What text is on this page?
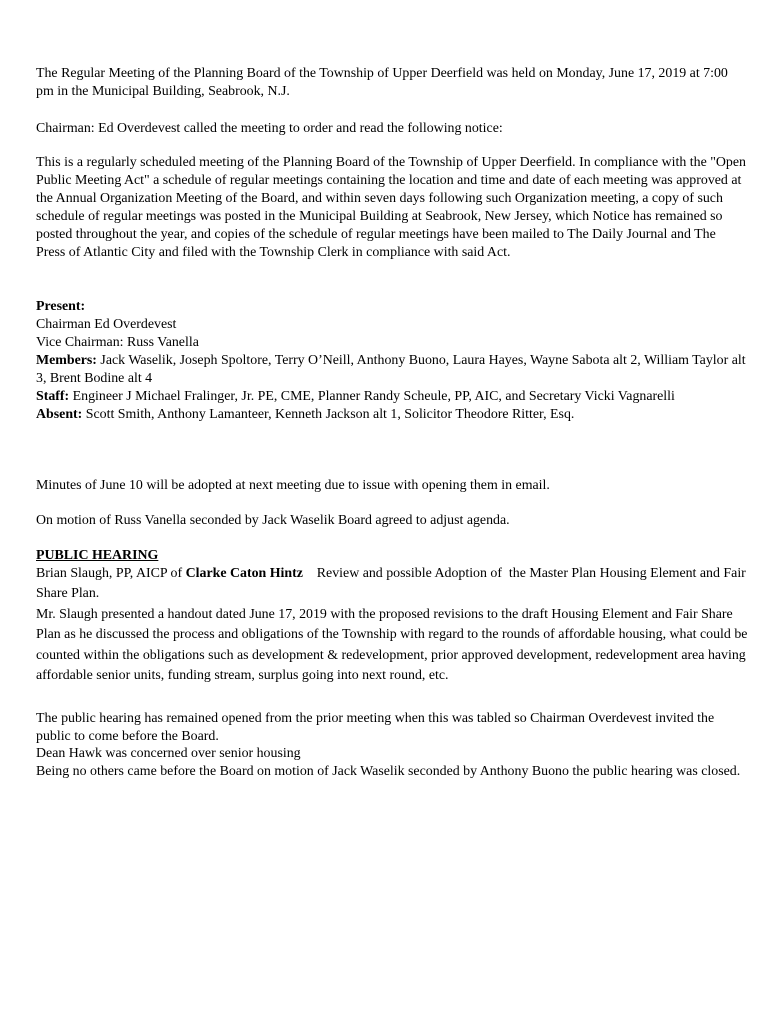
The Regular Meeting of the Planning Board of the Township of Upper Deerfield was held on Monday, June 17, 2019 at 7:00 pm in the Municipal Building, Seabrook, N.J.

Chairman: Ed Overdevest called the meeting to order and read the following notice:

This is a regularly scheduled meeting of the Planning Board of the Township of Upper Deerfield. In compliance with the "Open Public Meeting Act" a schedule of regular meetings containing the location and time and date of each meeting was approved at the Annual Organization Meeting of the Board, and within seven days following such Organization meeting, a copy of such schedule of regular meetings was posted in the Municipal Building at Seabrook, New Jersey, which Notice has remained so posted throughout the year, and copies of the schedule of regular meetings have been mailed to The Daily Journal and The Press of Atlantic City and filed with the Township Clerk in compliance with said Act.

Present:
Chairman Ed Overdevest
Vice Chairman: Russ Vanella
Members: Jack Waselik, Joseph Spoltore, Terry O’Neill, Anthony Buono, Laura Hayes, Wayne Sabota alt 2, William Taylor alt 3, Brent Bodine alt 4
Staff: Engineer J Michael Fralinger, Jr. PE, CME, Planner Randy Scheule, PP, AIC, and Secretary Vicki Vagnarelli
Absent: Scott Smith, Anthony Lamanteer, Kenneth Jackson alt 1, Solicitor Theodore Ritter, Esq.

Minutes of June 10 will be adopted at next meeting due to issue with opening them in email.

On motion of Russ Vanella seconded by Jack Waselik Board agreed to adjust agenda.

PUBLIC HEARING

Brian Slaugh, PP, AICP of Clarke Caton Hintz    Review and possible Adoption of  the Master Plan Housing Element and Fair Share Plan.

Mr. Slaugh presented a handout dated June 17, 2019 with the proposed revisions to the draft Housing Element and Fair Share Plan as he discussed the process and obligations of the Township with regard to the rounds of affordable housing, what could be counted within the obligations such as development & redevelopment, prior approved development, redevelopment area having affordable senior units, funding stream, surplus going into next round, etc.

The public hearing has remained opened from the prior meeting when this was tabled so Chairman Overdevest invited the public to come before the Board.

Dean Hawk was concerned over senior housing

Being no others came before the Board on motion of Jack Waselik seconded by Anthony Buono the public hearing was closed.
